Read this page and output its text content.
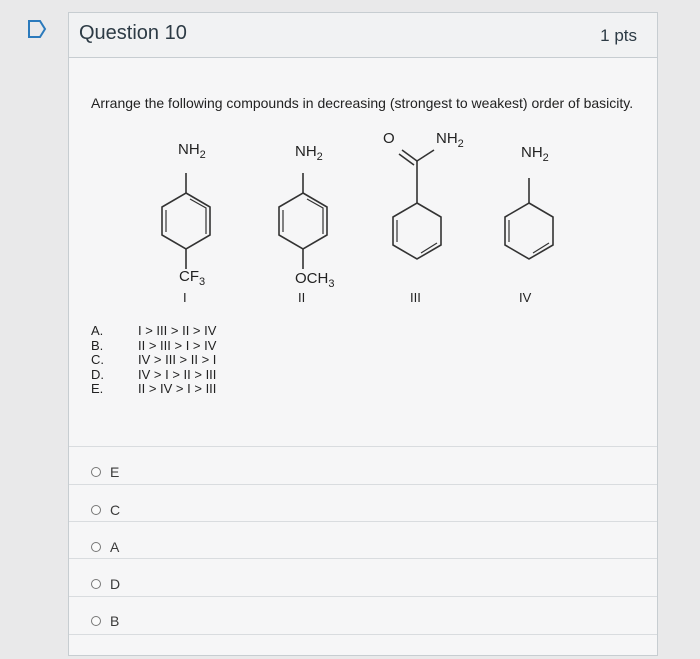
Question 10	1 pts
Arrange the following compounds in decreasing (strongest to weakest) order of basicity.
$NH_2$
$CF_3$
I
$NH_2$
$OCH_3$
II
O	$NH_2$
III
$NH_2$
IV
A.	I > III > II > IV
B.	II > III > I > IV
C.	IV > III > II > I
D.	IV > I > II > III
E.	II > IV > I > III
E
C
A
D
B
